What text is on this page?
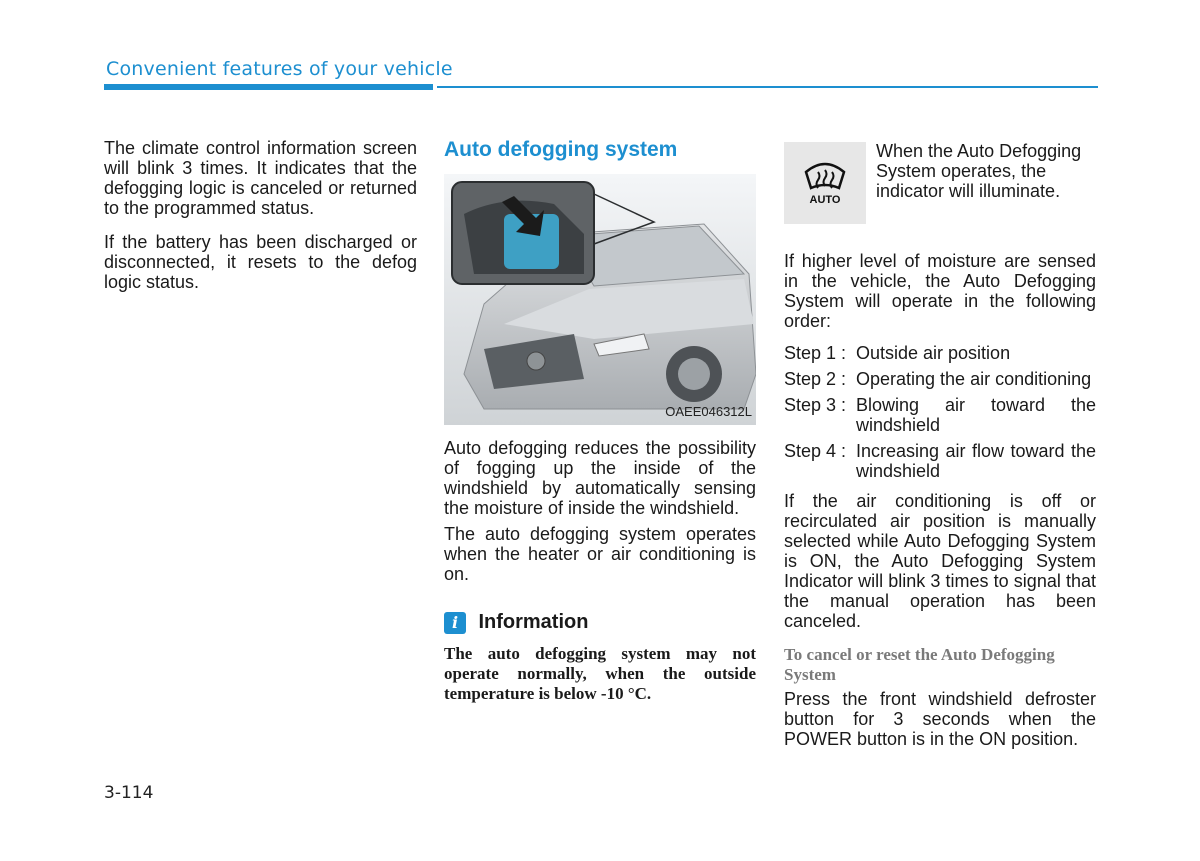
Convenient features of your vehicle

The climate control information screen will blink 3 times. It indicates that the defogging logic is canceled or returned to the programmed status.

If the battery has been discharged or disconnected, it resets to the defog logic status.

Auto defogging system
OAEE046312L

Auto defogging reduces the possibility of fogging up the inside of the windshield by automatically sensing the moisture of inside the windshield.

The auto defogging system operates when the heater or air conditioning is on.

i Information
The auto defogging system may not operate normally, when the outside temperature is below -10 °C.
AUTO
When the Auto Defogging System operates, the indicator will illuminate.

If higher level of moisture are sensed in the vehicle, the Auto Defogging System will operate in the following order:

Step 1 : Outside air position
Step 2 : Operating the air conditioning
Step 3 : Blowing air toward the windshield
Step 4 : Increasing air flow toward the windshield

If the air conditioning is off or recirculated air position is manually selected while Auto Defogging System is ON, the Auto Defogging System Indicator will blink 3 times to signal that the manual operation has been canceled.

To cancel or reset the Auto Defogging System

Press the front windshield defroster button for 3 seconds when the POWER button is in the ON position.

3-114
